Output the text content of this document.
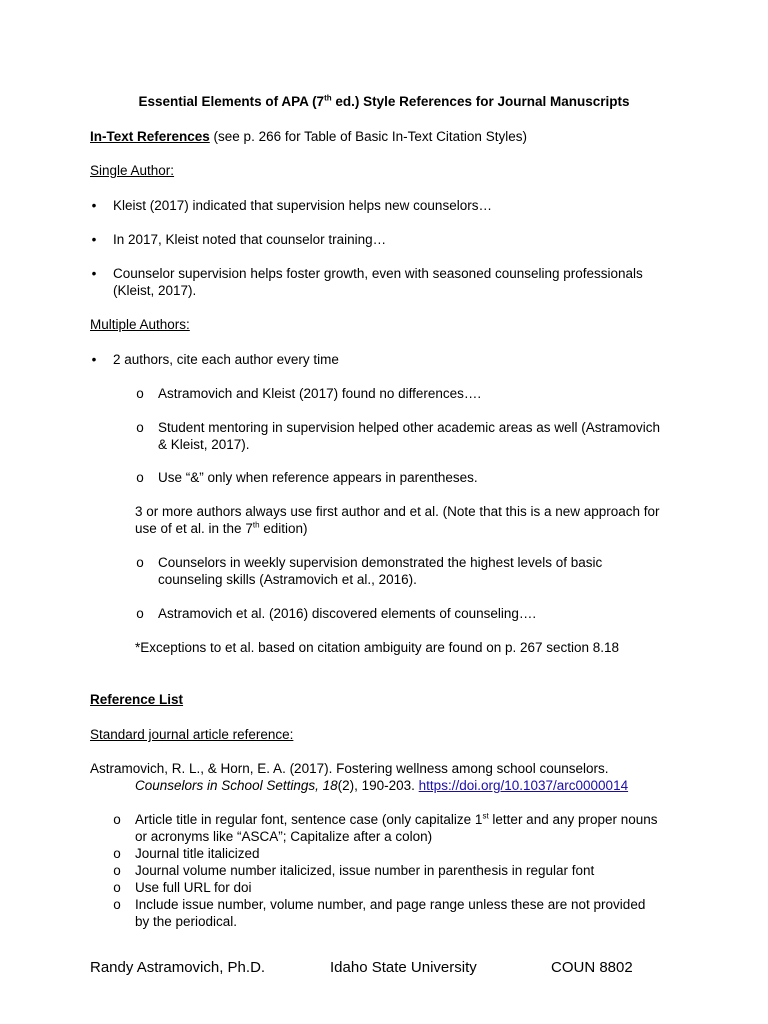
Essential Elements of APA (7th ed.) Style References for Journal Manuscripts
In-Text References (see p. 266 for Table of Basic In-Text Citation Styles)
Single Author:
• Kleist (2017) indicated that supervision helps new counselors…
• In 2017, Kleist noted that counselor training…
• Counselor supervision helps foster growth, even with seasoned counseling professionals
(Kleist, 2017).
Multiple Authors:
• 2 authors, cite each author every time
o Astramovich and Kleist (2017) found no differences….
o Student mentoring in supervision helped other academic areas as well (Astramovich
& Kleist, 2017).
o Use “&” only when reference appears in parentheses.
3 or more authors always use first author and et al. (Note that this is a new approach for
use of et al. in the 7th edition)
o Counselors in weekly supervision demonstrated the highest levels of basic
counseling skills (Astramovich et al., 2016).
o Astramovich et al. (2016) discovered elements of counseling….
*Exceptions to et al. based on citation ambiguity are found on p. 267 section 8.18
Reference List
Standard journal article reference:
Astramovich, R. L., & Horn, E. A. (2017). Fostering wellness among school counselors.
Counselors in School Settings, 18(2), 190-203. https://doi.org/10.1037/arc0000014
o Article title in regular font, sentence case (only capitalize 1st letter and any proper nouns
or acronyms like “ASCA”; Capitalize after a colon)
o Journal title italicized
o Journal volume number italicized, issue number in parenthesis in regular font
o Use full URL for doi
o Include issue number, volume number, and page range unless these are not provided
by the periodical.
Randy Astramovich, Ph.D.	Idaho State University	COUN 8802
